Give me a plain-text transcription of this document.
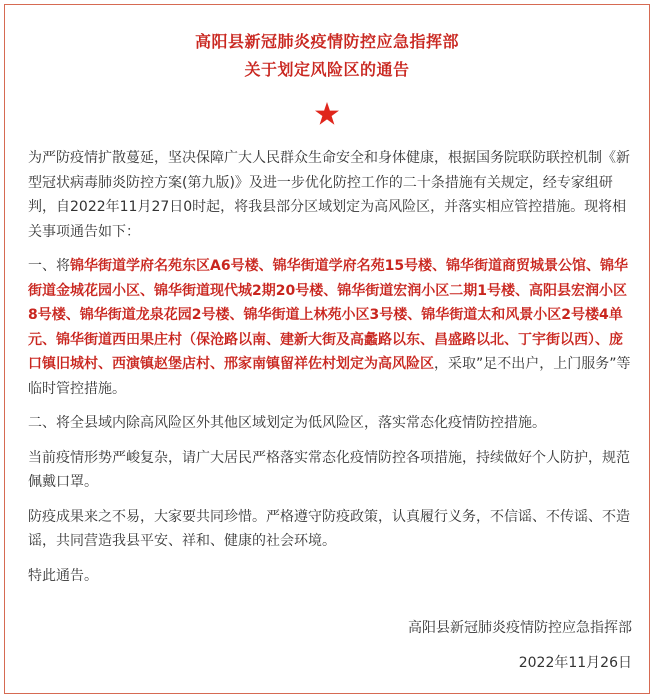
高阳县新冠肺炎疫情防控应急指挥部
关于划定风险区的通告

为严防疫情扩散蔓延，坚决保障广大人民群众生命安全和身体健康，根据国务院联防联控机制《新型冠状病毒肺炎防控方案(第九版)》及进一步优化防控工作的二十条措施有关规定，经专家组研判，自2022年11月27日0时起，将我县部分区域划定为高风险区，并落实相应管控措施。现将相关事项通告如下：

一、将锦华街道学府名苑东区A6号楼、锦华街道学府名苑15号楼、锦华街道商贸城景公馆、锦华街道金城花园小区、锦华街道现代城2期20号楼、锦华街道宏润小区二期1号楼、高阳县宏润小区8号楼、锦华街道龙泉花园2号楼、锦华街道上林苑小区3号楼、锦华街道太和风景小区2号楼4单元、锦华街道西田果庄村（保沧路以南、建新大街及高蠡路以东、昌盛路以北、丁宇街以西）、庞口镇旧城村、西演镇赵堡店村、邢家南镇留祥佐村划定为高风险区，采取”足不出户，上门服务”等临时管控措施。

二、将全县域内除高风险区外其他区域划定为低风险区，落实常态化疫情防控措施。

当前疫情形势严峻复杂，请广大居民严格落实常态化疫情防控各项措施，持续做好个人防护，规范佩戴口罩。

防疫成果来之不易，大家要共同珍惜。严格遵守防疫政策，认真履行义务，不信谣、不传谣、不造谣，共同营造我县平安、祥和、健康的社会环境。

特此通告。

高阳县新冠肺炎疫情防控应急指挥部
2022年11月26日
